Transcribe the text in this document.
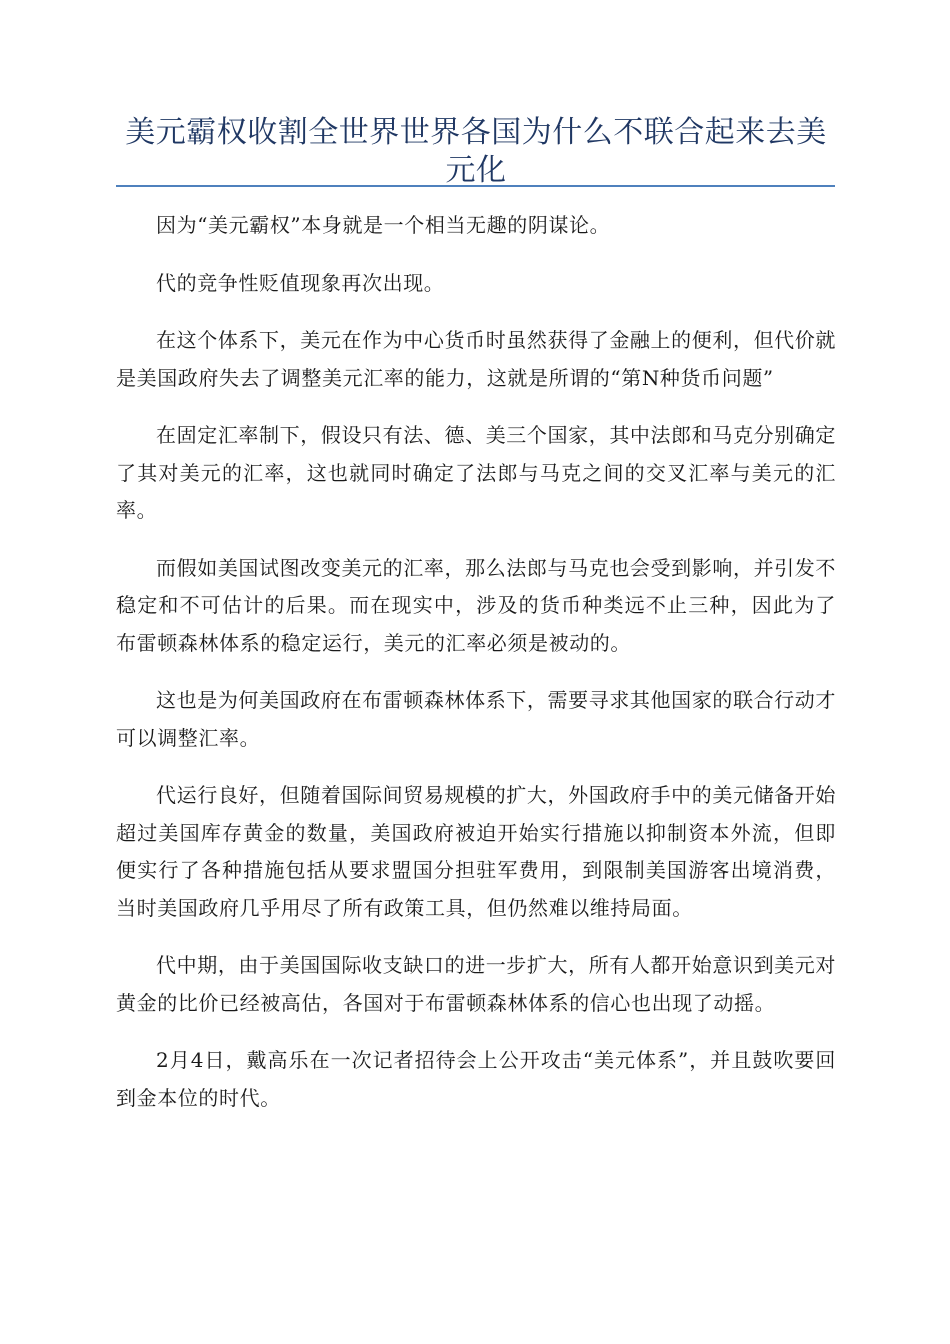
美元霸权收割全世界世界各国为什么不联合起来去美元化

因为“美元霸权”本身就是一个相当无趣的阴谋论。

代的竞争性贬值现象再次出现。

在这个体系下，美元在作为中心货币时虽然获得了金融上的便利，但代价就是美国政府失去了调整美元汇率的能力，这就是所谓的“第N种货币问题”

在固定汇率制下，假设只有法、德、美三个国家，其中法郎和马克分别确定了其对美元的汇率，这也就同时确定了法郎与马克之间的交叉汇率与美元的汇率。

而假如美国试图改变美元的汇率，那么法郎与马克也会受到影响，并引发不稳定和不可估计的后果。而在现实中，涉及的货币种类远不止三种，因此为了布雷顿森林体系的稳定运行，美元的汇率必须是被动的。

这也是为何美国政府在布雷顿森林体系下，需要寻求其他国家的联合行动才可以调整汇率。

代运行良好，但随着国际间贸易规模的扩大，外国政府手中的美元储备开始超过美国库存黄金的数量，美国政府被迫开始实行措施以抑制资本外流，但即便实行了各种措施包括从要求盟国分担驻军费用，到限制美国游客出境消费，当时美国政府几乎用尽了所有政策工具，但仍然难以维持局面。

代中期，由于美国国际收支缺口的进一步扩大，所有人都开始意识到美元对黄金的比价已经被高估，各国对于布雷顿森林体系的信心也出现了动摇。

2月4日，戴高乐在一次记者招待会上公开攻击“美元体系”，并且鼓吹要回到金本位的时代。
